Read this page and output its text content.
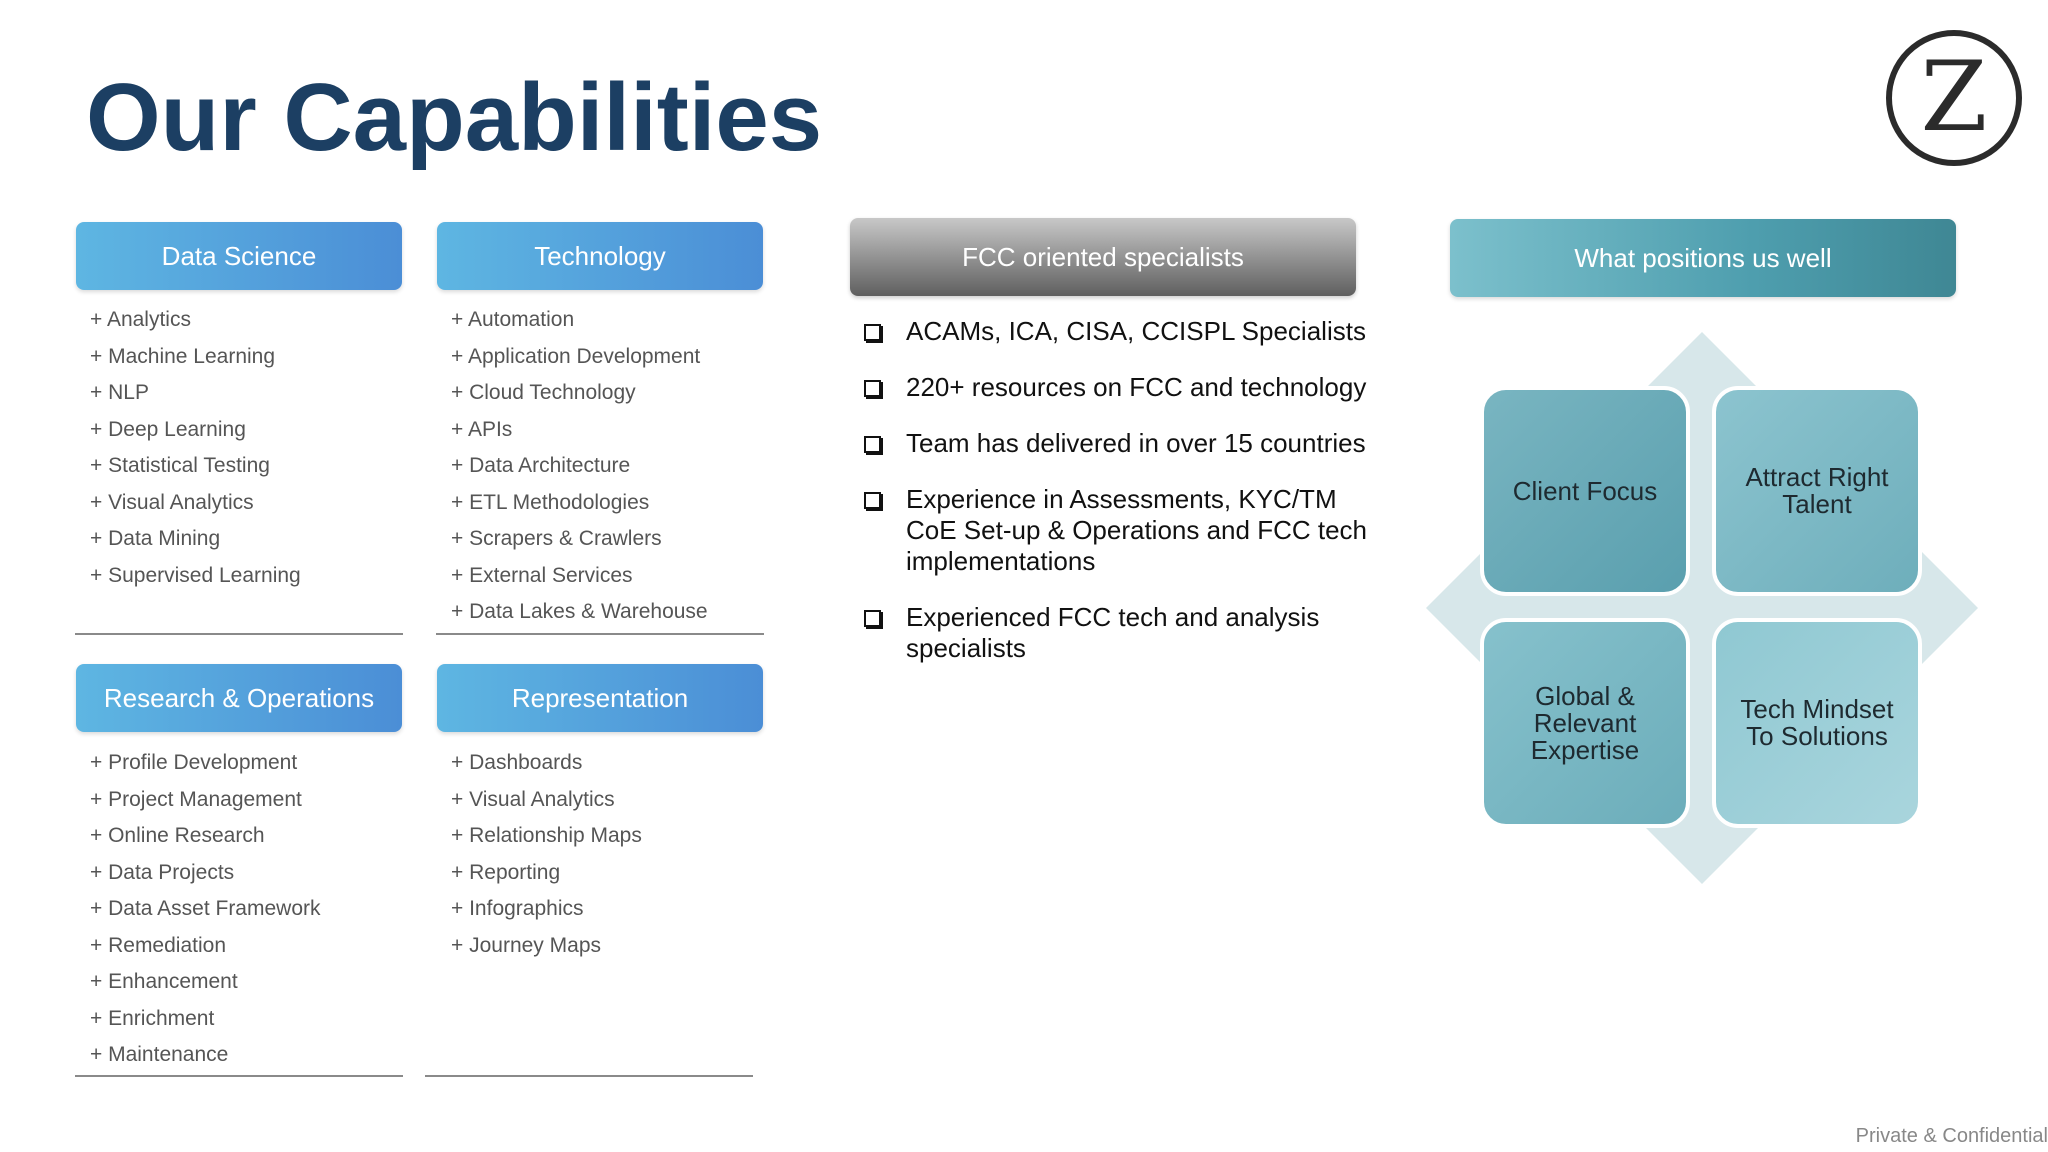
Our Capabilities	Z
Data Science
+ Analytics
+ Machine Learning
+ NLP
+ Deep Learning
+ Statistical Testing
+ Visual Analytics
+ Data Mining
+ Supervised Learning
Technology
+ Automation
+ Application Development
+ Cloud Technology
+ APIs
+ Data Architecture
+ ETL Methodologies
+ Scrapers & Crawlers
+ External Services
+ Data Lakes & Warehouse
Research & Operations
+ Profile Development
+ Project Management
+ Online Research
+ Data Projects
+ Data Asset Framework
+ Remediation
+ Enhancement
+ Enrichment
+ Maintenance
Representation
+ Dashboards
+ Visual Analytics
+ Relationship Maps
+ Reporting
+ Infographics
+ Journey Maps
FCC oriented specialists
ACAMs, ICA, CISA, CCISPL Specialists
220+ resources on FCC and technology
Team has delivered in over 15 countries
Experience in Assessments, KYC/TM CoE Set-up & Operations and FCC tech implementations
Experienced FCC tech and analysis specialists
What positions us well
Client Focus	Attract Right Talent
Global & Relevant Expertise
Tech Mindset To Solutions
Private & Confidential
